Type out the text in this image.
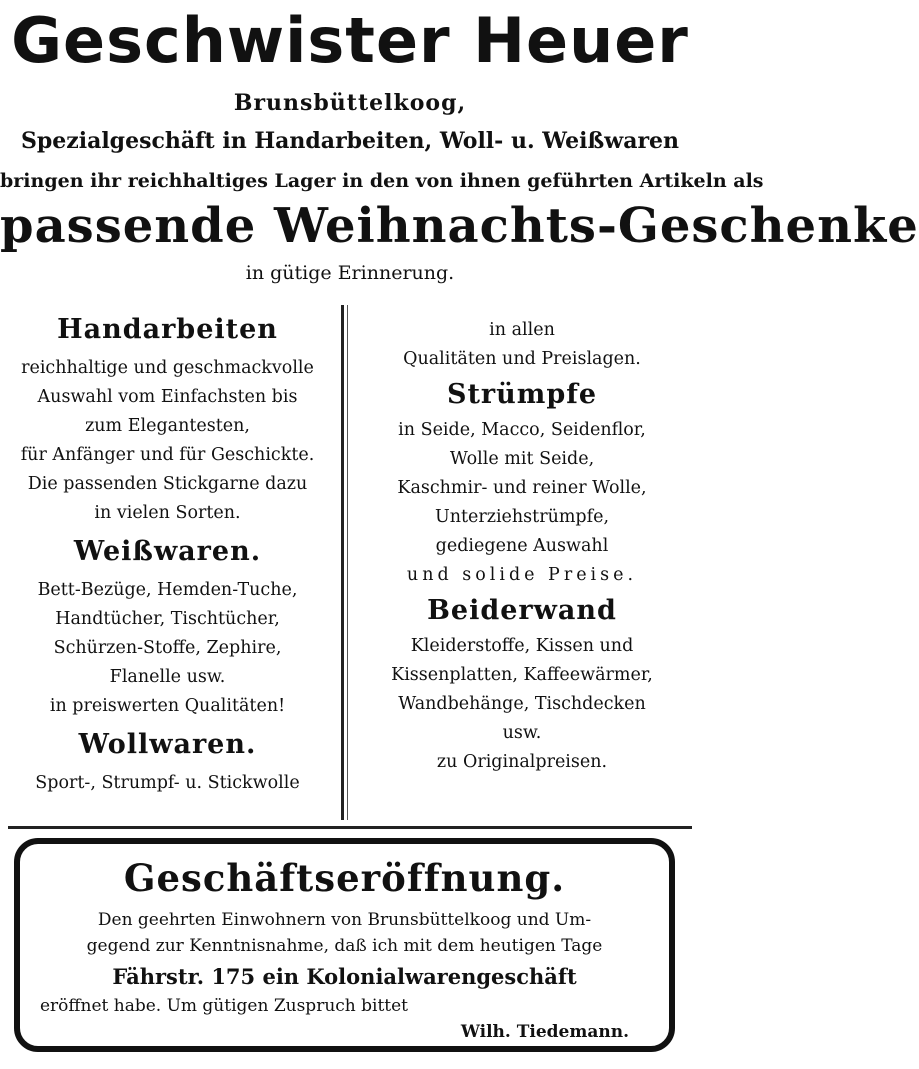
Geschwister Heuer
Brunsbüttelkoog,
Spezialgeschäft in Handarbeiten, Woll- u. Weißwaren
bringen ihr reichhaltiges Lager in den von ihnen geführten Artikeln als
passende Weihnachts-Geschenke
in gütige Erinnerung.
Handarbeiten
reichhaltige und geschmackvolle
Auswahl vom Einfachsten bis
zum Elegantesten,
für Anfänger und für Geschickte.
Die passenden Stickgarne dazu
in vielen Sorten.
Weißwaren.
Bett-Bezüge, Hemden-Tuche,
Handtücher, Tischtücher,
Schürzen-Stoffe, Zephire,
Flanelle usw.
in preiswerten Qualitäten!
Wollwaren.
Sport-, Strumpf- u. Stickwolle
in allen
Qualitäten und Preislagen.
Strümpfe
in Seide, Macco, Seidenflor,
Wolle mit Seide,
Kaschmir- und reiner Wolle,
Unterziehstrümpfe,
gediegene Auswahl
und solide Preise.
Beiderwand
Kleiderstoffe, Kissen und
Kissenplatten, Kaffeewärmer,
Wandbehänge, Tischdecken
usw.
zu Originalpreisen.
Geschäftseröffnung.
Den geehrten Einwohnern von Brunsbüttelkoog und Um-
gegend zur Kenntnisnahme, daß ich mit dem heutigen Tage
Fährstr. 175 ein Kolonialwarengeschäft
eröffnet habe. Um gütigen Zuspruch bittet
Wilh. Tiedemann.
